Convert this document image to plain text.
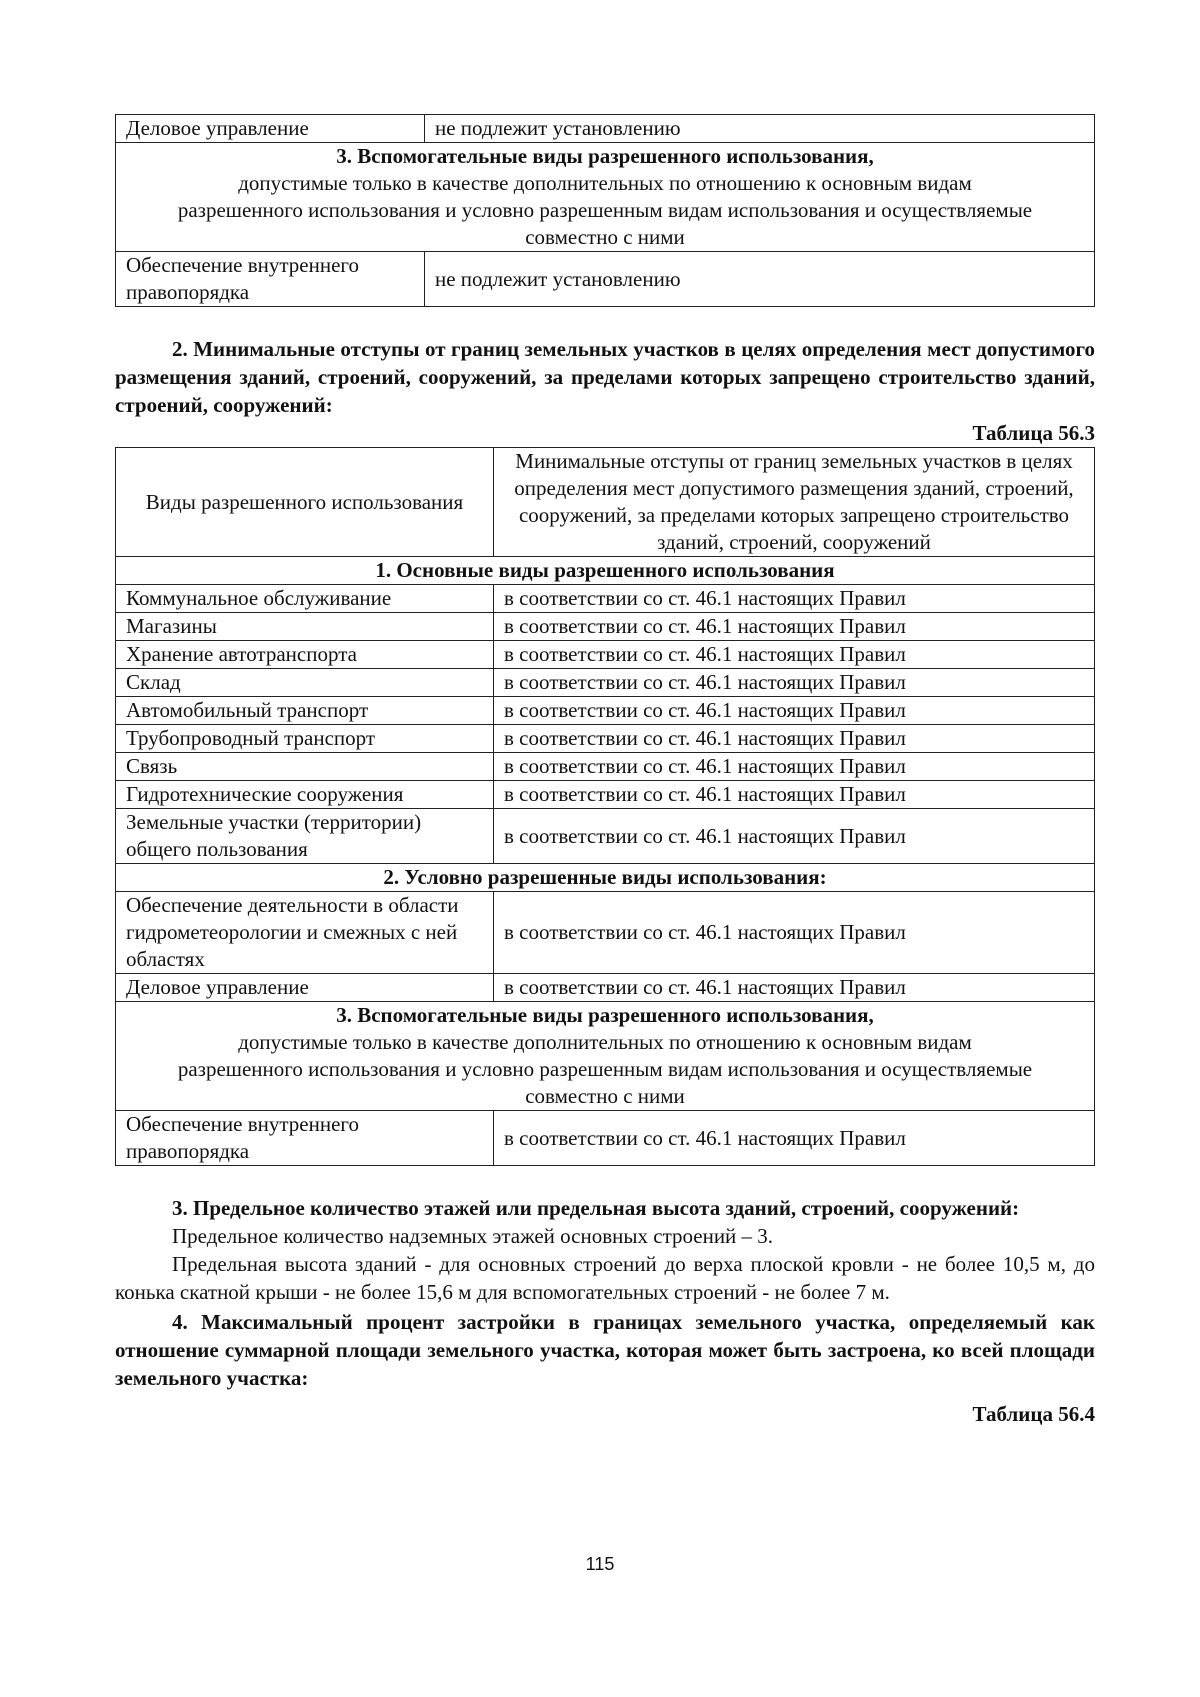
Деловое управление	не подлежит установлению

3. Вспомогательные виды разрешенного использования,
допустимые только в качестве дополнительных по отношению к основным видам разрешенного использования и условно разрешенным видам использования и осуществляемые совместно с ними	

Обеспечение внутреннего правопорядка	не подлежит установлению

2. Минимальные отступы от границ земельных участков в целях определения мест допустимого размещения зданий, строений, сооружений, за пределами которых запрещено строительство зданий, строений, сооружений:

Таблица 56.3

Виды разрешенного использования	Минимальные отступы от границ земельных участков в целях определения мест допустимого размещения зданий, строений, сооружений, за пределами которых запрещено строительство зданий, строений, сооружений
1. Основные виды разрешенного использования	
Коммунальное обслуживание	в соответствии со ст. 46.1 настоящих Правил
Магазины	в соответствии со ст. 46.1 настоящих Правил
Хранение автотранспорта	в соответствии со ст. 46.1 настоящих Правил
Склад	в соответствии со ст. 46.1 настоящих Правил
Автомобильный транспорт	в соответствии со ст. 46.1 настоящих Правил
Трубопроводный транспорт	в соответствии со ст. 46.1 настоящих Правил
Связь	в соответствии со ст. 46.1 настоящих Правил
Гидротехнические сооружения	в соответствии со ст. 46.1 настоящих Правил
Земельные участки (территории) общего пользования	в соответствии со ст. 46.1 настоящих Правил
2. Условно разрешенные виды использования:	
Обеспечение деятельности в области гидрометеорологии и смежных с ней областях	в соответствии со ст. 46.1 настоящих Правил
Деловое управление	в соответствии со ст. 46.1 настоящих Правил

3. Вспомогательные виды разрешенного использования,
допустимые только в качестве дополнительных по отношению к основным видам разрешенного использования и условно разрешенным видам использования и осуществляемые совместно с ними	

Обеспечение внутреннего правопорядка	в соответствии со ст. 46.1 настоящих Правил

3. Предельное количество этажей или предельная высота зданий, строений, сооружений:

Предельное количество надземных этажей основных строений – 3.

Предельная высота зданий - для основных строений до верха плоской кровли - не более 10,5 м, до конька скатной крыши - не более 15,6 м для вспомогательных строений - не более 7 м.

4. Максимальный процент застройки в границах земельного участка, определяемый как отношение суммарной площади земельного участка, которая может быть застроена, ко всей площади земельного участка:

Таблица 56.4

115
